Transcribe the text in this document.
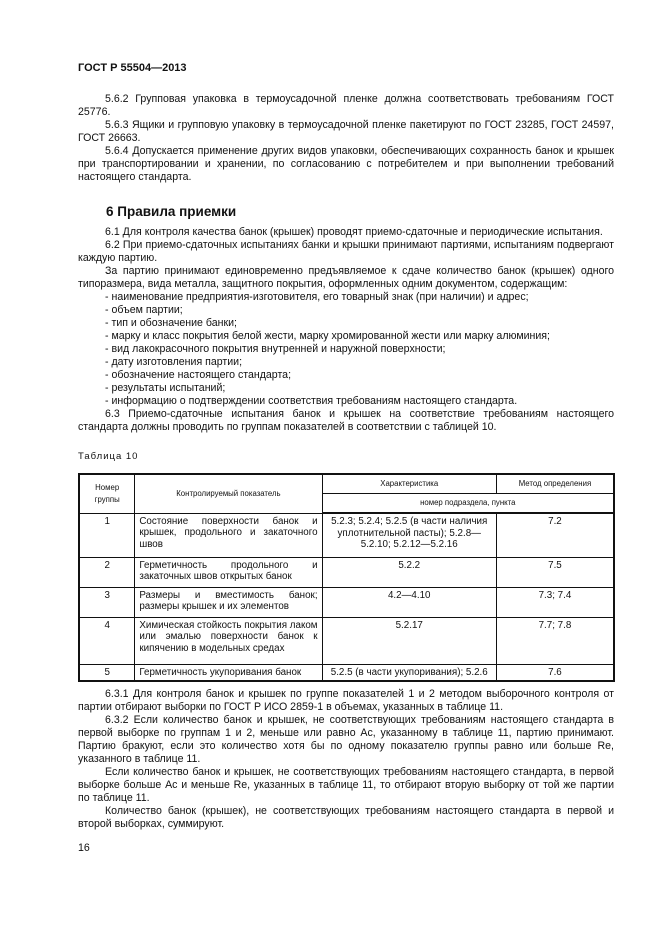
ГОСТ Р 55504—2013

5.6.2 Групповая упаковка в термоусадочной пленке должна соответствовать требованиям ГОСТ 25776.

5.6.3 Ящики и групповую упаковку в термоусадочной пленке пакетируют по ГОСТ 23285, ГОСТ 24597, ГОСТ 26663.

5.6.4 Допускается применение других видов упаковки, обеспечивающих сохранность банок и крышек при транспортировании и хранении, по согласованию с потребителем и при выполнении требований настоящего стандарта.

6 Правила приемки

6.1 Для контроля качества банок (крышек) проводят приемо-сдаточные и периодические испытания.

6.2 При приемо-сдаточных испытаниях банки и крышки принимают партиями, испытаниям подвергают каждую партию.

За партию принимают единовременно предъявляемое к сдаче количество банок (крышек) одного типоразмера, вида металла, защитного покрытия, оформленных одним документом, содержащим:

- наименование предприятия-изготовителя, его товарный знак (при наличии) и адрес;

- объем партии;

- тип и обозначение банки;

- марку и класс покрытия белой жести, марку хромированной жести или марку алюминия;

- вид лакокрасочного покрытия внутренней и наружной поверхности;

- дату изготовления партии;

- обозначение настоящего стандарта;

- результаты испытаний;

- информацию о подтверждении соответствия требованиям настоящего стандарта.

6.3 Приемо-сдаточные испытания банок и крышек на соответствие требованиям настоящего стандарта должны проводить по группам показателей в соответствии с таблицей 10.

Таблица 10
Номер группы	Контролируемый показатель	Характеристика	Метод определения
		номер подраздела, пункта	
1	Состояние поверхности банок и крышек, продольного и закаточного швов	5.2.3; 5.2.4; 5.2.5 (в части наличия уплотнительной пасты); 5.2.8—5.2.10; 5.2.12—5.2.16	7.2
2	Герметичность продольного и закаточных швов открытых банок	5.2.2	7.5
3	Размеры и вместимость банок; размеры крышек и их элементов	4.2—4.10	7.3; 7.4
4	Химическая стойкость покрытия лаком или эмалью поверхности банок к кипячению в модельных средах	5.2.17	7.7; 7.8
5	Герметичность укупоривания банок	5.2.5 (в части укупоривания); 5.2.6	7.6

6.3.1 Для контроля банок и крышек по группе показателей 1 и 2 методом выборочного контроля от партии отбирают выборки по ГОСТ Р ИСО 2859-1 в объемах, указанных в таблице 11.

6.3.2 Если количество банок и крышек, не соответствующих требованиям настоящего стандарта в первой выборке по группам 1 и 2, меньше или равно Ас, указанному в таблице 11, партию принимают. Партию бракуют, если это количество хотя бы по одному показателю группы равно или больше Re, указанного в таблице 11.

Если количество банок и крышек, не соответствующих требованиям настоящего стандарта, в первой выборке больше Ас и меньше Re, указанных в таблице 11, то отбирают вторую выборку от той же партии по таблице 11.

Количество банок (крышек), не соответствующих требованиям настоящего стандарта в первой и второй выборках, суммируют.

16
